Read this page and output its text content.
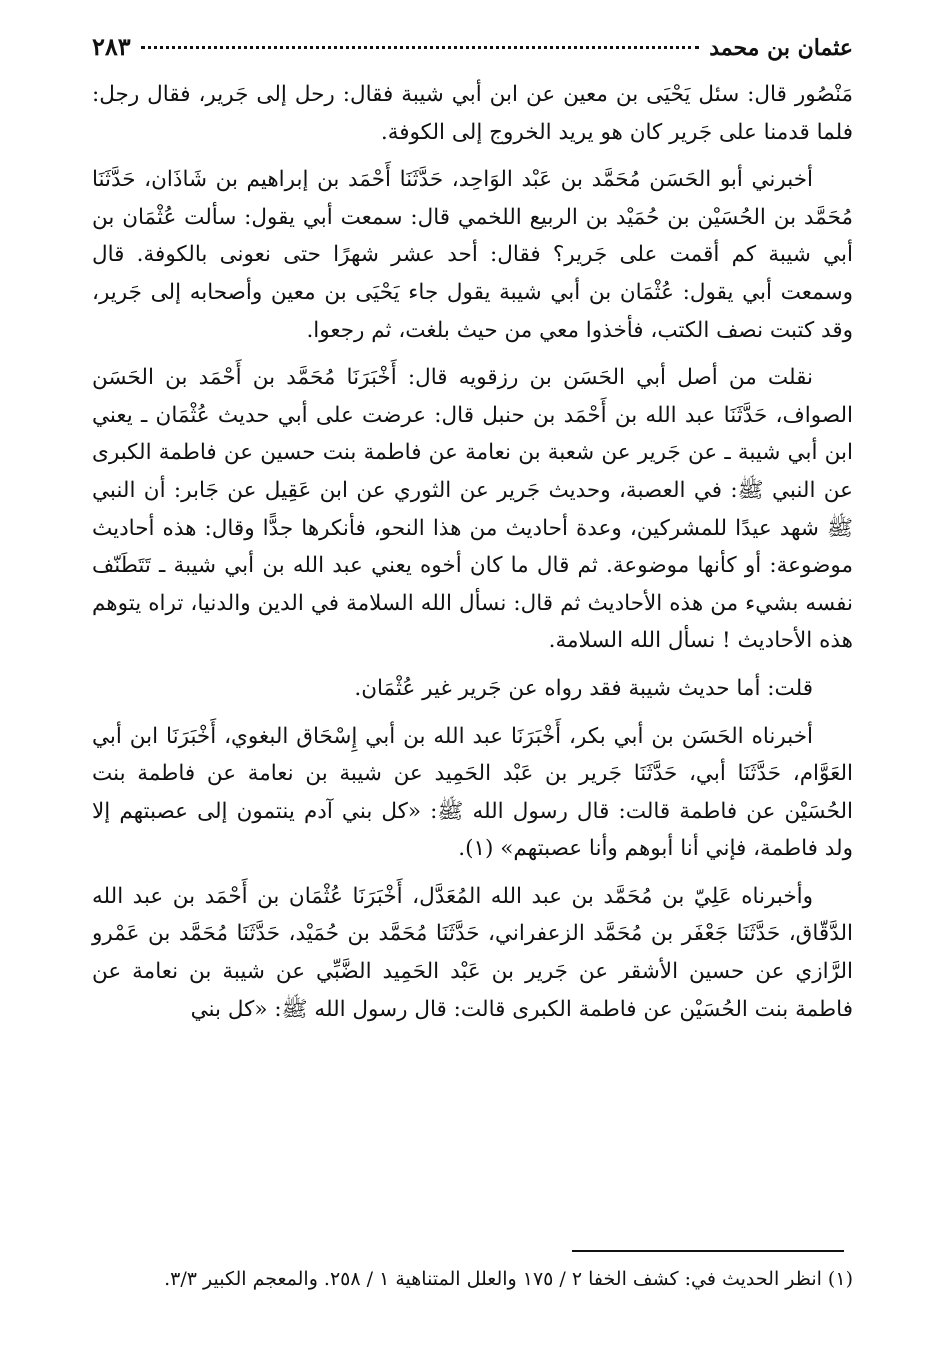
عثمان بن محمد
٢٨٣

مَنْصُور قال: سئل يَحْيَى بن معين عن ابن أبي شيبة فقال: رحل إلى جَرير، فقال رجل: فلما قدمنا على جَرير كان هو يريد الخروج إلى الكوفة.

أخبرني أبو الحَسَن مُحَمَّد بن عَبْد الوَاحِد، حَدَّثَنَا أَحْمَد بن إبراهيم بن شَاذَان، حَدَّثَنَا مُحَمَّد بن الحُسَيْن بن حُمَيْد بن الربيع اللخمي قال: سمعت أبي يقول: سألت عُثْمَان بن أبي شيبة كم أقمت على جَرير؟ فقال: أحد عشر شهرًا حتى نعونى بالكوفة. قال وسمعت أبي يقول: عُثْمَان بن أبي شيبة يقول جاء يَحْيَى بن معين وأصحابه إلى جَرير، وقد كتبت نصف الكتب، فأخذوا معي من حيث بلغت، ثم رجعوا.

نقلت من أصل أبي الحَسَن بن رزقويه قال: أَخْبَرَنَا مُحَمَّد بن أَحْمَد بن الحَسَن الصواف، حَدَّثَنَا عبد الله بن أَحْمَد بن حنبل قال: عرضت على أبي حديث عُثْمَان ـ يعني ابن أبي شيبة ـ عن جَرير عن شعبة بن نعامة عن فاطمة بنت حسين عن فاطمة الكبرى عن النبي ﷺ: في العصبة، وحديث جَرير عن الثوري عن ابن عَقِيل عن جَابر: أن النبي ﷺ شهد عيدًا للمشركين، وعدة أحاديث من هذا النحو، فأنكرها جدًّا وقال: هذه أحاديث موضوعة: أو كأنها موضوعة. ثم قال ما كان أخوه يعني عبد الله بن أبي شيبة ـ تَتَطَنّف نفسه بشيء من هذه الأحاديث ثم قال: نسأل الله السلامة في الدين والدنيا، تراه يتوهم هذه الأحاديث ! نسأل الله السلامة.

قلت: أما حديث شيبة فقد رواه عن جَرير غير عُثْمَان.

أخبرناه الحَسَن بن أبي بكر، أَخْبَرَنَا عبد الله بن أبي إِسْحَاق البغوي، أَخْبَرَنَا ابن أبي العَوَّام، حَدَّثَنَا أبي، حَدَّثَنَا جَرير بن عَبْد الحَمِيد عن شيبة بن نعامة عن فاطمة بنت الحُسَيْن عن فاطمة قالت: قال رسول الله ﷺ: «كل بني آدم ينتمون إلى عصبتهم إلا ولد فاطمة، فإني أنا أبوهم وأنا عصبتهم» (١).

وأخبرناه عَلِيّ بن مُحَمَّد بن عبد الله المُعَدَّل، أَخْبَرَنَا عُثْمَان بن أَحْمَد بن عبد الله الدَّقّاق، حَدَّثَنَا جَعْفَر بن مُحَمَّد الزعفراني، حَدَّثَنَا مُحَمَّد بن حُمَيْد، حَدَّثَنَا مُحَمَّد بن عَمْرو الرَّازي عن حسين الأشقر عن جَرير بن عَبْد الحَمِيد الضَّبِّي عن شيبة بن نعامة عن فاطمة بنت الحُسَيْن عن فاطمة الكبرى قالت: قال رسول الله ﷺ: «كل بني

(١) انظر الحديث في: كشف الخفا ٢ / ١٧٥ والعلل المتناهية ١ / ٢٥٨. والمعجم الكبير ٣/٣.
